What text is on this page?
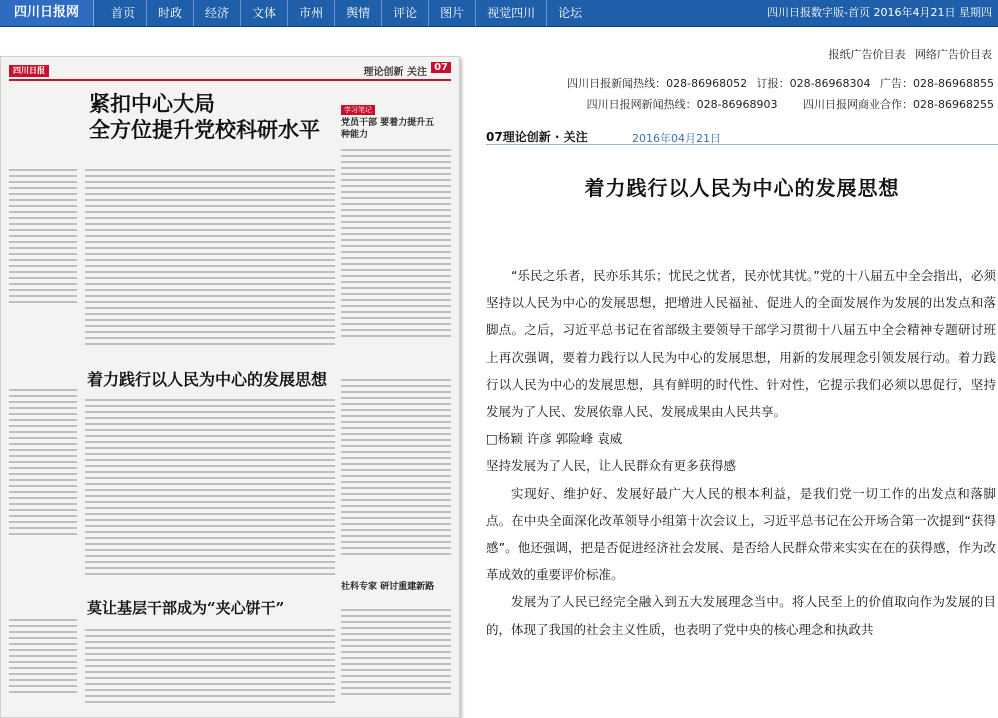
四川日报网	首页	时政	经济	文体	市州	舆情	评论	图片	视觉四川	论坛	四川日报数字版-首页 2016年4月21日 星期四
四川日报	理论创新 关注 07
紧扣中心大局
全方位提升党校科研水平
学习笔记
党员干部 要着力提升五种能力
着力践行以人民为中心的发展思想
社科专家 研讨重建新路
莫让基层干部成为“夹心饼干”
报纸广告价目表 网络广告价目表
四川日报新闻热线：028-86968052 订报：028-86968304 广告：028-86968855
四川日报网新闻热线：028-86968903 四川日报网商业合作：028-86968255
07理论创新 · 关注	2016年04月21日
着力践行以人民为中心的发展思想

“乐民之乐者，民亦乐其乐；忧民之忧者，民亦忧其忧。”党的十八届五中全会指出，必须坚持以人民为中心的发展思想，把增进人民福祉、促进人的全面发展作为发展的出发点和落脚点。之后，习近平总书记在省部级主要领导干部学习贯彻十八届五中全会精神专题研讨班上再次强调，要着力践行以人民为中心的发展思想，用新的发展理念引领发展行动。着力践行以人民为中心的发展思想，具有鲜明的时代性、针对性，它提示我们必须以思促行，坚持发展为了人民、发展依靠人民、发展成果由人民共享。

□杨颖 许彦 郭险峰 袁威

坚持发展为了人民，让人民群众有更多获得感

实现好、维护好、发展好最广大人民的根本利益，是我们党一切工作的出发点和落脚点。在中央全面深化改革领导小组第十次会议上，习近平总书记在公开场合第一次提到“获得感”。他还强调，把是否促进经济社会发展、是否给人民群众带来实实在在的获得感，作为改革成效的重要评价标准。

发展为了人民已经完全融入到五大发展理念当中。将人民至上的价值取向作为发展的目的，体现了我国的社会主义性质，也表明了党中央的核心理念和执政共
